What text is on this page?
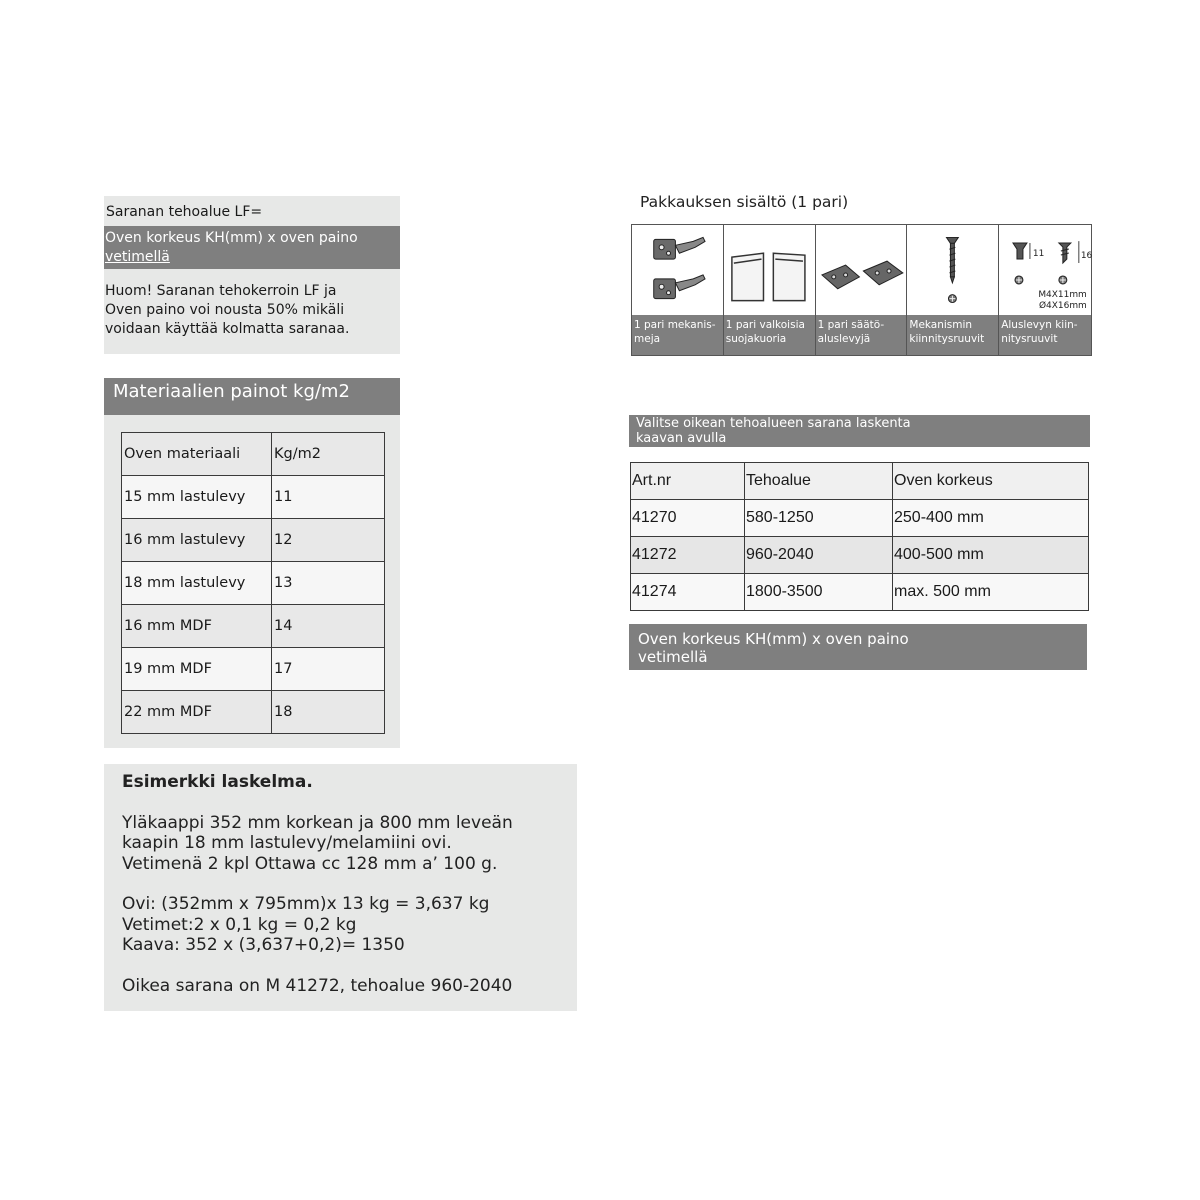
Saranan tehoalue LF=
Oven korkeus KH(mm) x oven paino
vetimellä
Huom! Saranan tehokerroin LF ja
Oven paino voi nousta 50% mikäli
voidaan käyttää kolmatta saranaa.
Materiaalien painot kg/m2
Oven materiaali	Kg/m2
15 mm lastulevy	11
16 mm lastulevy	12
18 mm lastulevy	13
16 mm MDF	14
19 mm MDF	17
22 mm MDF	18
Esimerkki laskelma.
Yläkaappi 352 mm korkean ja 800 mm leveän
kaapin 18 mm lastulevy/melamiini ovi.
Vetimenä 2 kpl Ottawa cc 128 mm a’ 100 g.
Ovi: (352mm x 795mm)x 13 kg = 3,637 kg
Vetimet:2 x 0,1 kg = 0,2 kg
Kaava: 352 x (3,637+0,2)= 1350
Oikea sarana on M 41272, tehoalue 960-2040
Pakkauksen sisältö (1 pari)
1 pari mekanis-
meja
1 pari valkoisia
suojakuoria
1 pari säätö-
aluslevyjä
Mekanismin
kiinnitysruuvit
11	16
M4X11mm
Ø4X16mm
Aluslevyn kiin-
nitysruuvit
Valitse oikean tehoalueen sarana laskenta
kaavan avulla
Art.nr	Tehoalue	Oven korkeus
41270	580-1250	250-400 mm
41272	960-2040	400-500 mm
41274	1800-3500	max. 500 mm
Oven korkeus KH(mm) x oven paino
vetimellä
